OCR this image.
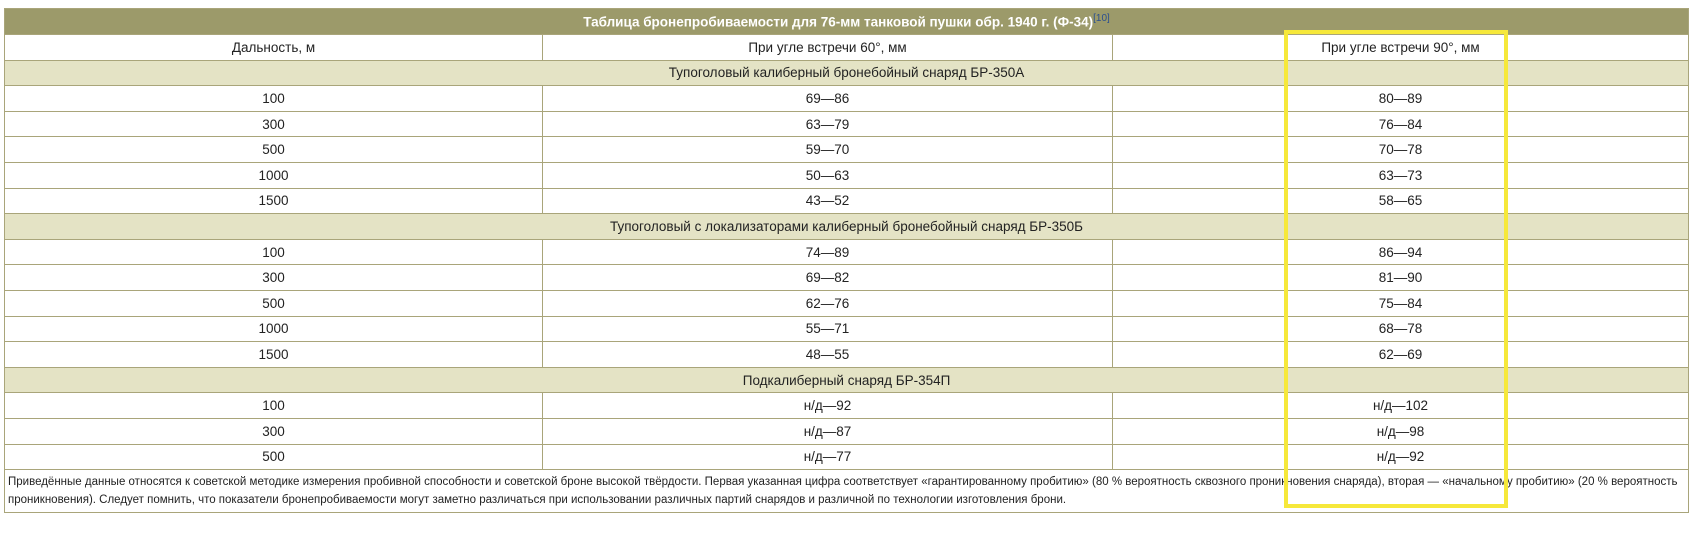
Таблица бронепробиваемости для 76-мм танковой пушки обр. 1940 г. (Ф-34)[10]
Дальность, м	При угле встречи 60°, мм	При угле встречи 90°, мм
Тупоголовый калиберный бронебойный снаряд БР-350А		
100	69—86	80—89
300	63—79	76—84
500	59—70	70—78
1000	50—63	63—73
1500	43—52	58—65
Тупоголовый с локализаторами калиберный бронебойный снаряд БР-350Б		
100	74—89	86—94
300	69—82	81—90
500	62—76	75—84
1000	55—71	68—78
1500	48—55	62—69
Подкалиберный снаряд БР-354П		
100	н/д—92	н/д—102
300	н/д—87	н/д—98
500	н/д—77	н/д—92
Приведённые данные относятся к советской методике измерения пробивной способности и советской броне высокой твёрдости. Первая указанная цифра соответствует «гарантированному пробитию» (80 % вероятность сквозного проникновения снаряда), вторая — «начальному пробитию» (20 % вероятность проникновения). Следует помнить, что показатели бронепробиваемости могут заметно различаться при использовании различных партий снарядов и различной по технологии изготовления брони.		
